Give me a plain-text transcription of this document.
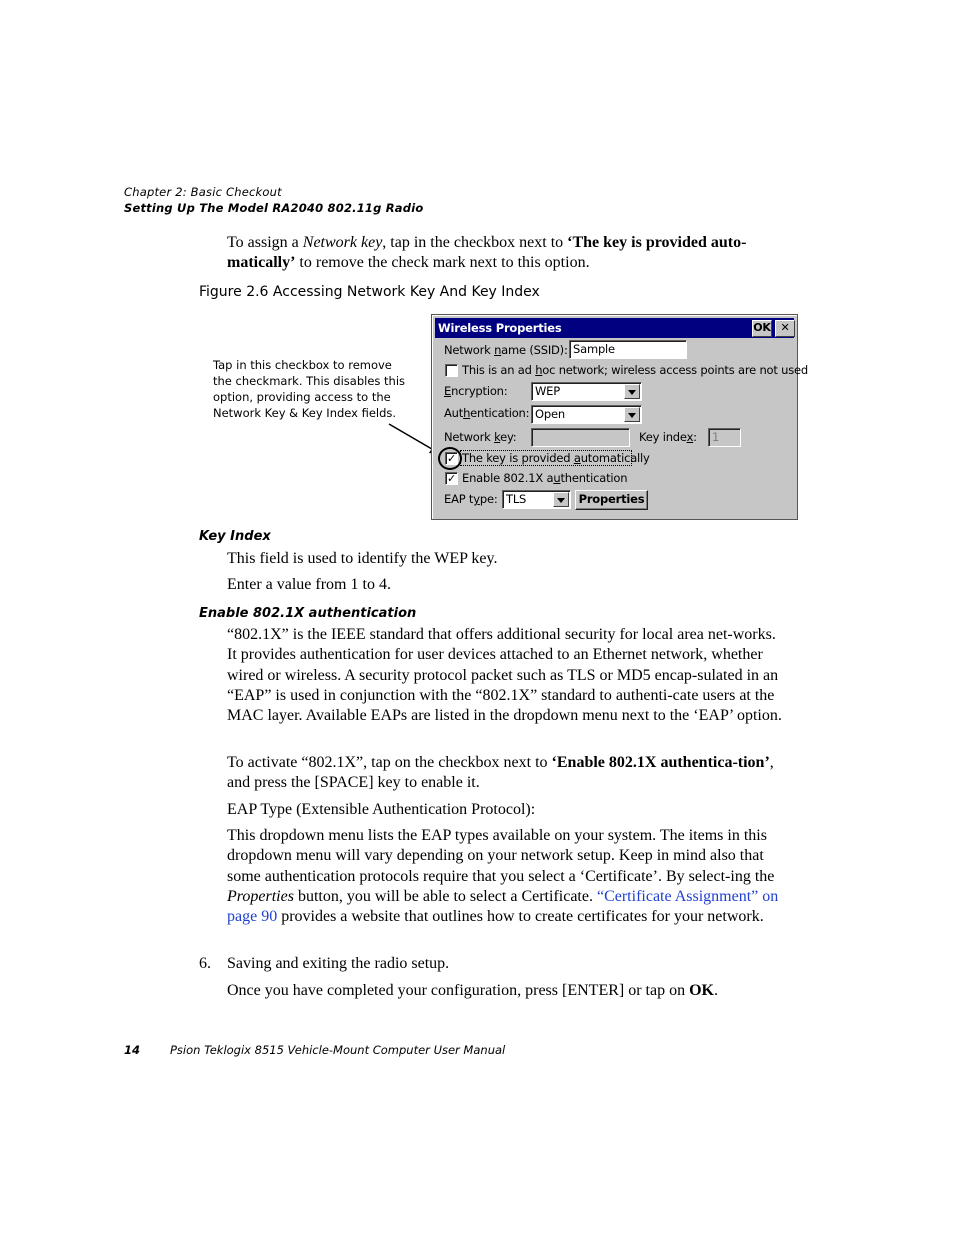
Chapter 2: Basic Checkout
Setting Up The Model RA2040 802.11g Radio

To assign a Network key, tap in the checkbox next to ‘The key is provided auto-
matically’ to remove the check mark next to this option.

Figure 2.6 Accessing Network Key And Key Index
Tap in this checkbox to remove
the checkmark. This disables this
option, providing access to the
Network Key & Key Index fields.
Wireless Properties	OK ✕
Network name (SSID): Sample
This is an ad hoc network; wireless access points are not used
Encryption:	WEP
Authentication: Open
Network key:	Key index:	1
✓ The key is provided automatically
✓ Enable 802.1X authentication
EAP type: TLS	Properties
Key Index

This field is used to identify the WEP key.

Enter a value from 1 to 4.

Enable 802.1X authentication

“802.1X” is the IEEE standard that offers additional security for local area net-works. It provides authentication for user devices attached to an Ethernet network, whether wired or wireless. A security protocol packet such as TLS or MD5 encap-sulated in an “EAP” is used in conjunction with the “802.1X” standard to authenti-cate users at the MAC layer. Available EAPs are listed in the dropdown menu next to the ‘EAP’ option.

To activate “802.1X”, tap on the checkbox next to ‘Enable 802.1X authentica-tion’, and press the [SPACE] key to enable it.

EAP Type (Extensible Authentication Protocol):

This dropdown menu lists the EAP types available on your system. The items in this dropdown menu will vary depending on your network setup. Keep in mind also that some authentication protocols require that you select a ‘Certificate’. By select-ing the Properties button, you will be able to select a Certificate. “Certificate Assignment” on page 90 provides a website that outlines how to create certificates for your network.

6.	Saving and exiting the radio setup.

Once you have completed your configuration, press [ENTER] or tap on OK.

14	Psion Teklogix 8515 Vehicle-Mount Computer User Manual
